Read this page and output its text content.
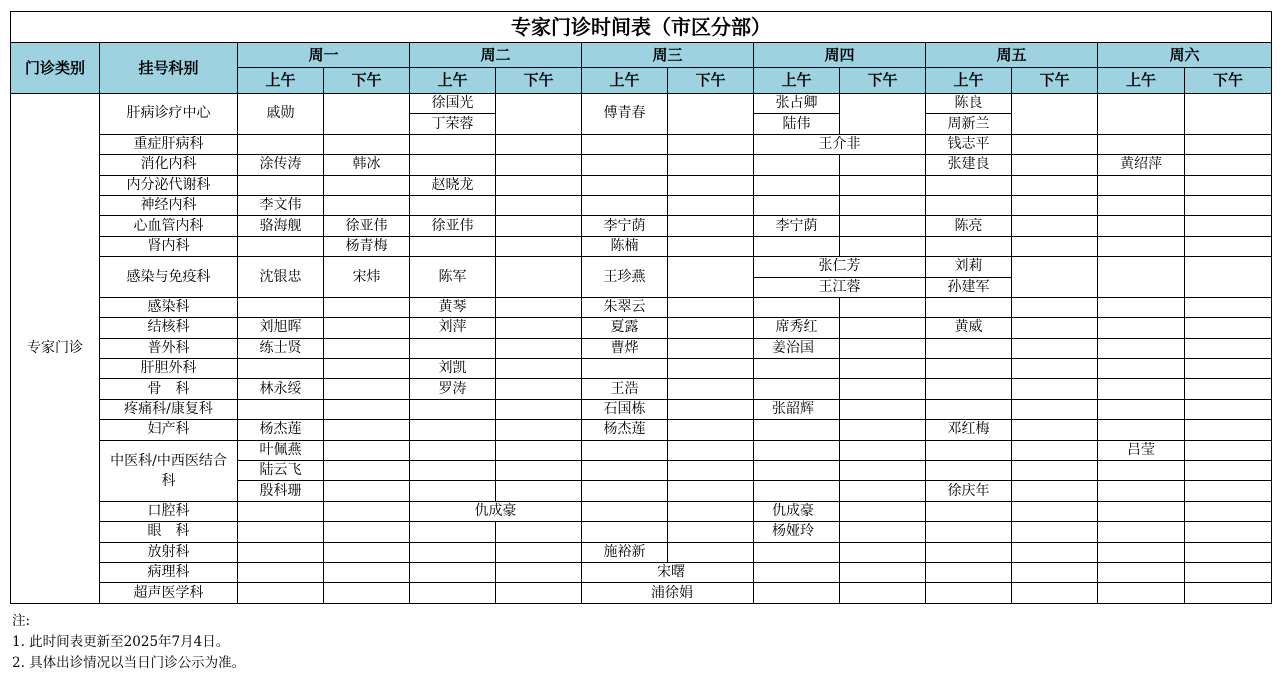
专家门诊时间表（市区分部）													
门诊类别	挂号科别	周一		周二		周三		周四		周五		周六	
		上午	下午	上午	下午	上午	下午	上午	下午	上午	下午	上午	下午
专家门诊	肝病诊疗中心	戚勋		徐国光		傅青春		张占卿		陈良			
				丁荣蓉				陆伟		周新兰			
	重症肝病科							王介非		钱志平			
	消化内科	涂传涛	韩冰							张建良		黄绍萍	
	内分泌代谢科			赵晓龙									
	神经内科	李文伟											
	心血管内科	骆海舰	徐亚伟	徐亚伟		李宁荫		李宁荫		陈亮			
	肾内科		杨青梅			陈楠							
	感染与免疫科	沈银忠	宋炜	陈军		王珍燕		张仁芳		刘莉			
								王江蓉		孙建军			
	感染科			黄琴		朱翠云							
	结核科	刘旭晖		刘萍		夏露		席秀红		黄威			
	普外科	练士贤				曹烨		姜治国					
	肝胆外科			刘凯									
	骨　科	林永绥		罗涛		王浩							
	疼痛科/康复科					石国栋		张韶辉					
	妇产科	杨杰莲				杨杰莲				邓红梅			
	中医科/中西医结合科	叶佩燕										吕莹	
		陆云飞											
		殷科珊								徐庆年			
	口腔科			仇成豪				仇成豪					
	眼　科							杨娅玲					
	放射科					施裕新							
	病理科					宋曙							
	超声医学科					浦徐娟							
注:
1. 此时间表更新至2025年7月4日。
2. 具体出诊情况以当日门诊公示为准。
